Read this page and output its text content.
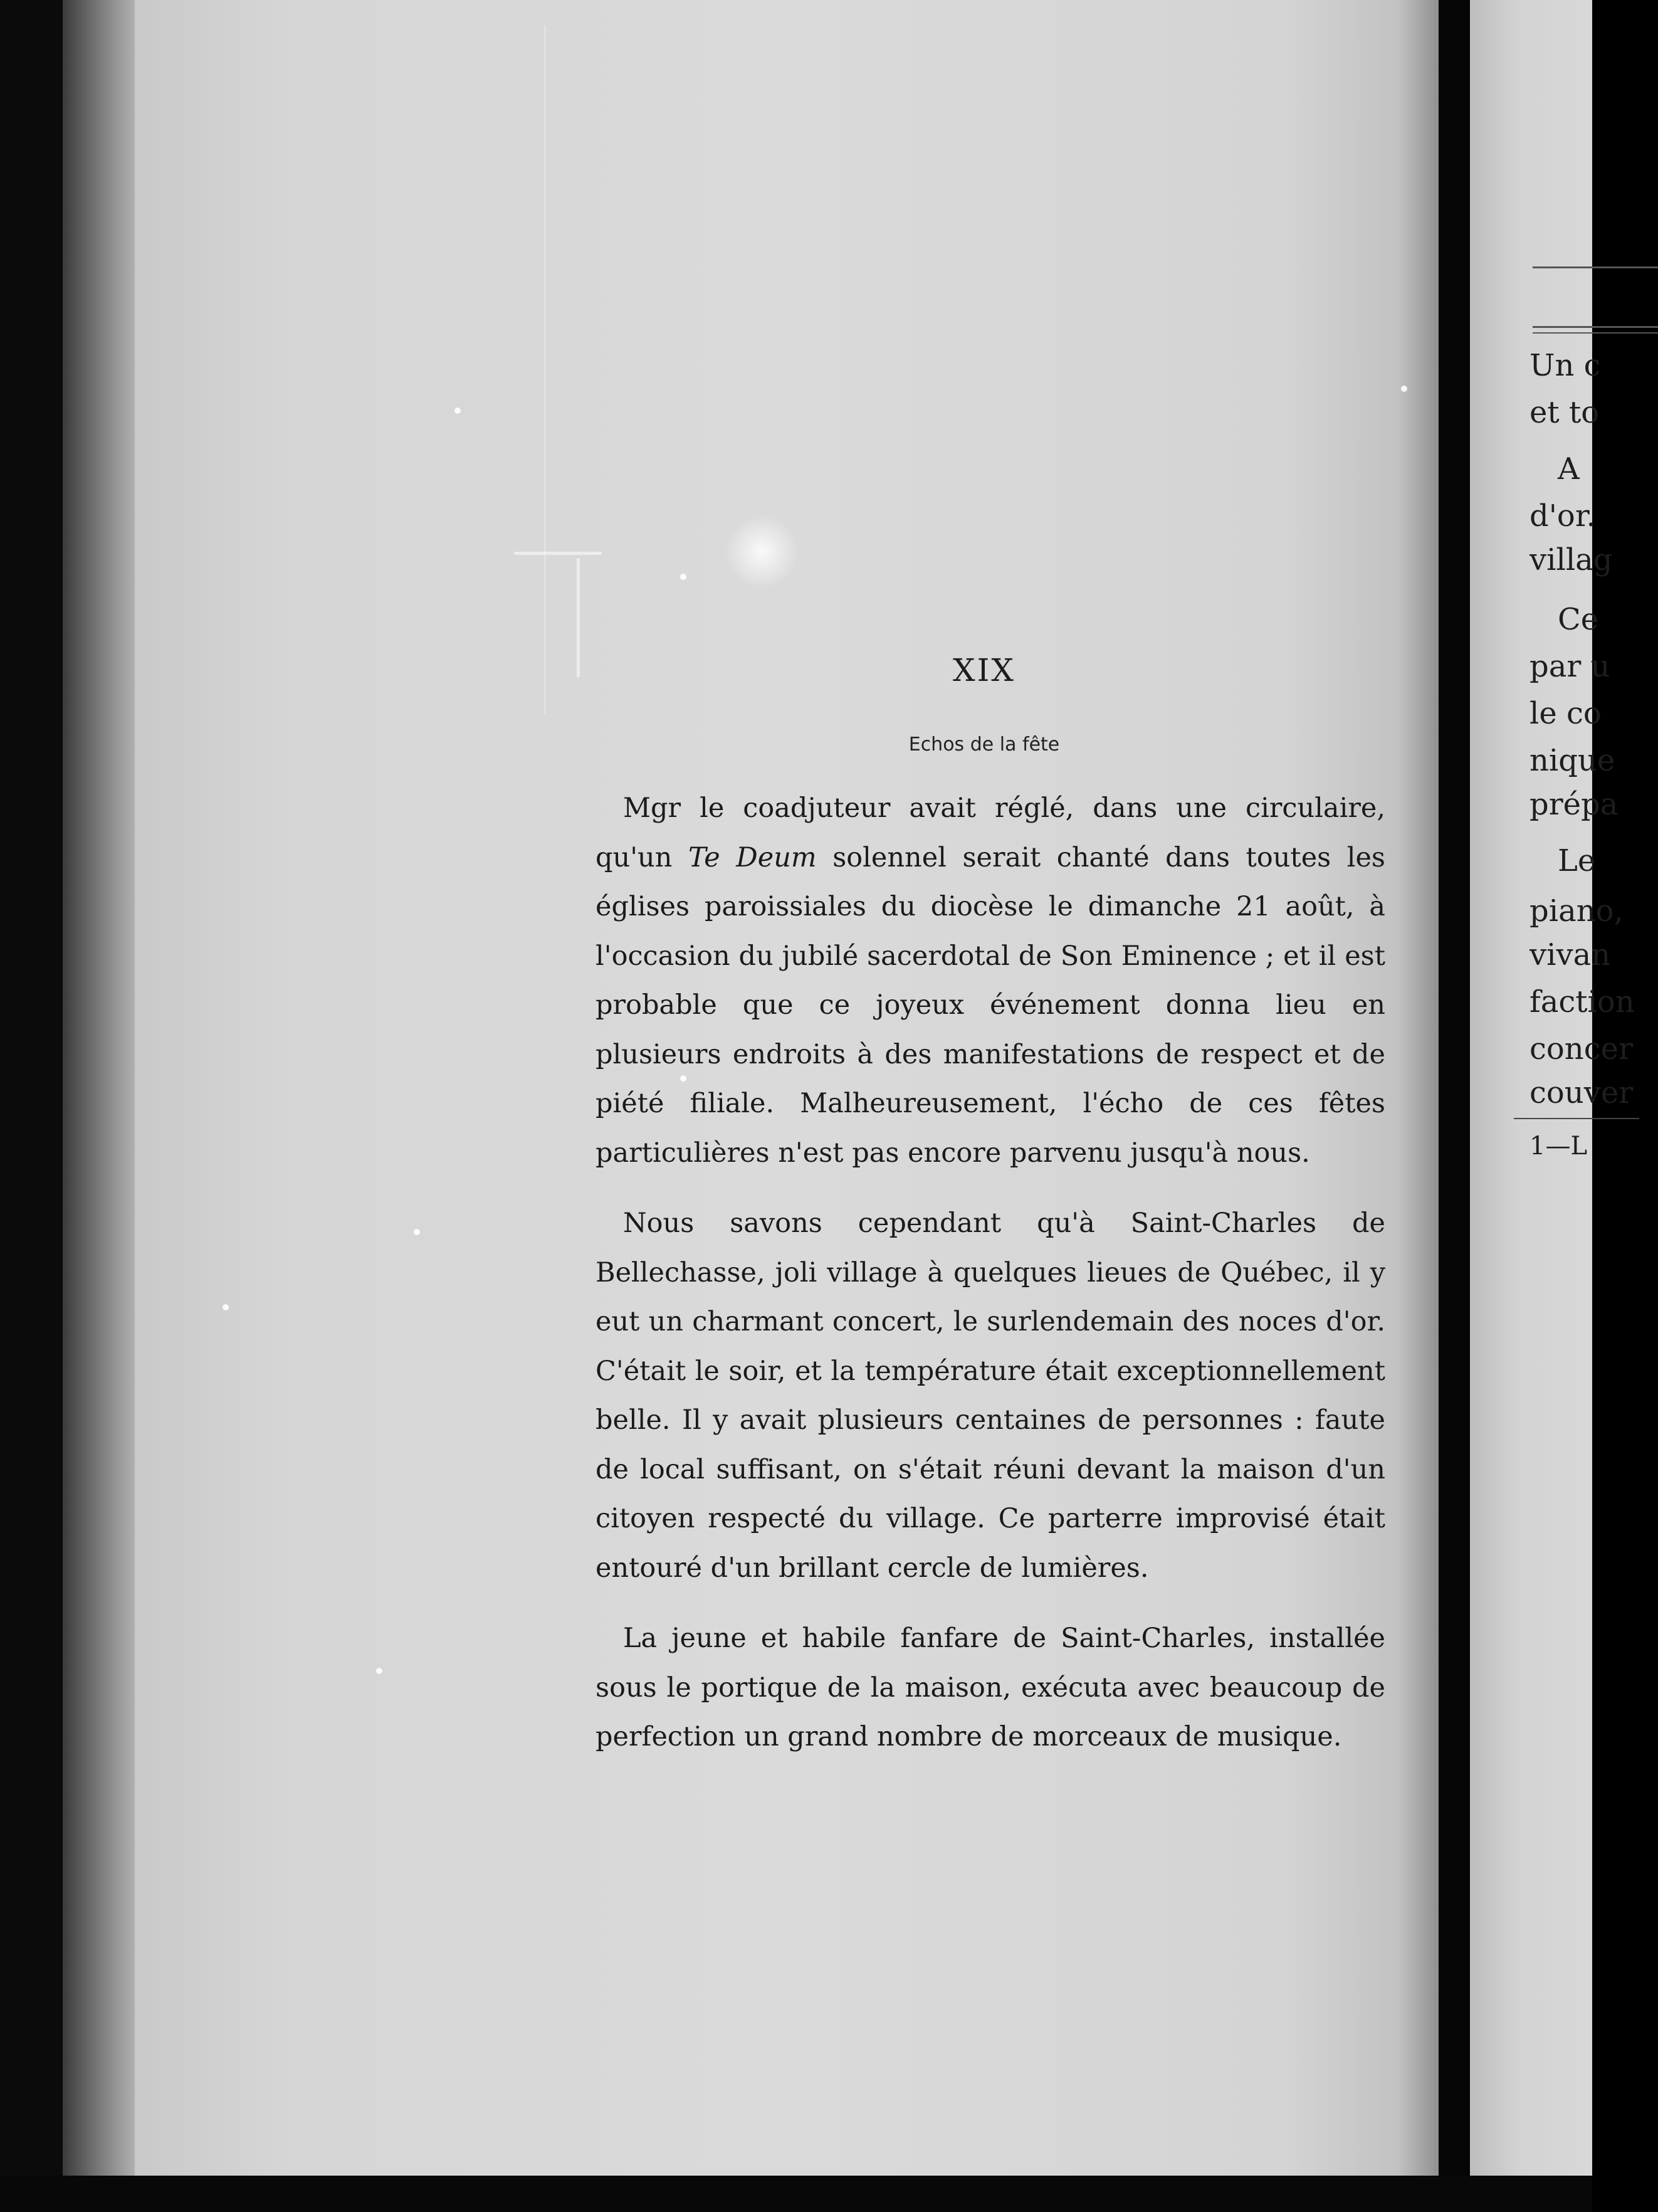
XIX
Echos de la fête

Mgr le coadjuteur avait réglé, dans une circulaire, qu'un Te Deum solennel serait chanté dans toutes les églises paroissiales du diocèse le dimanche 21 août, à l'occasion du jubilé sacerdotal de Son Eminence ; et il est probable que ce joyeux événement donna lieu en plusieurs endroits à des manifestations de respect et de piété filiale. Malheureusement, l'écho de ces fêtes particulières n'est pas encore parvenu jusqu'à nous.

Nous savons cependant qu'à Saint-Charles de Bellechasse, joli village à quelques lieues de Québec, il y eut un charmant concert, le surlendemain des noces d'or. C'était le soir, et la température était exceptionnellement belle. Il y avait plusieurs centaines de personnes : faute de local suffisant, on s'était réuni devant la maison d'un citoyen respecté du village. Ce parterre improvisé était entouré d'un brillant cercle de lumières.

La jeune et habile fanfare de Saint-Charles, installée sous le portique de la maison, exécuta avec beaucoup de perfection un grand nombre de morceaux de musique.

Un c
et to
A
d'or.
villag
Ce
par u
le co
nique
prépa
Le
piano,
vivan
faction
concer
couver
1—L
